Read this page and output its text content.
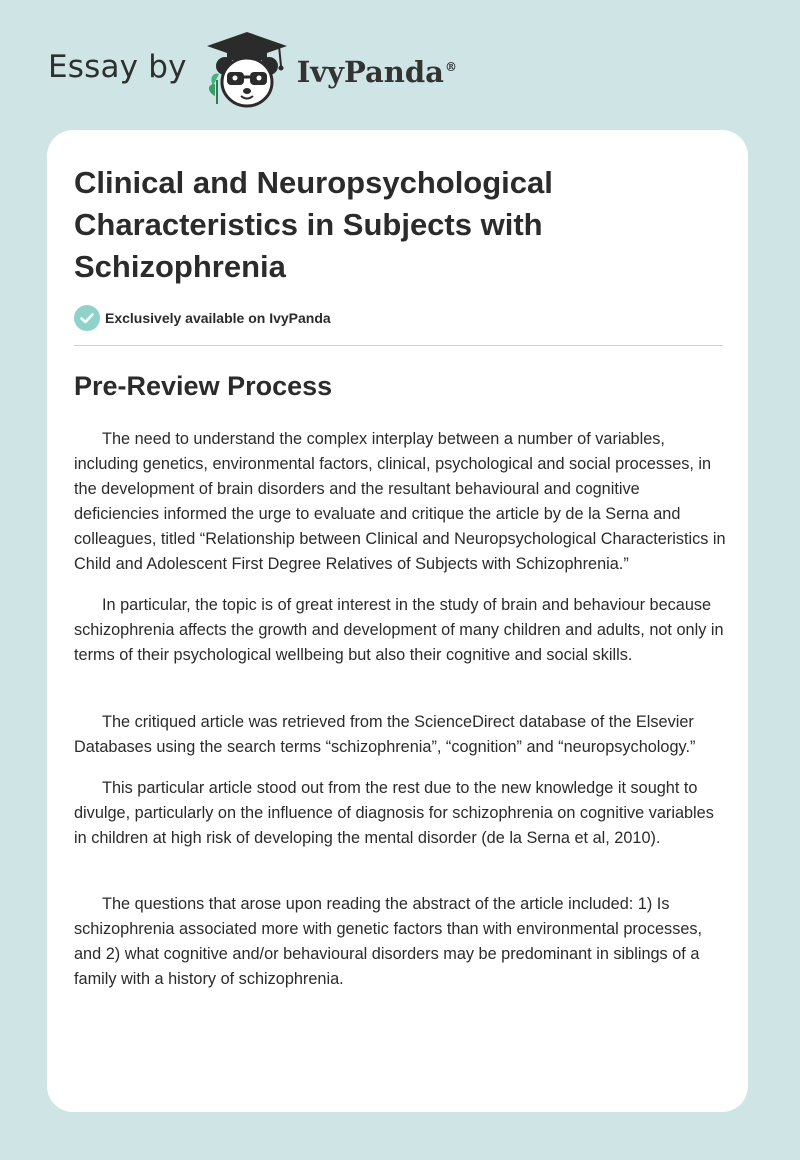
Essay by	IvyPanda®
Clinical and Neuropsychological Characteristics in Subjects with Schizophrenia
Exclusively available on IvyPanda
Pre-Review Process

The need to understand the complex interplay between a number of variables, including genetics, environmental factors, clinical, psychological and social processes, in the development of brain disorders and the resultant behavioural and cognitive deficiencies informed the urge to evaluate and critique the article by de la Serna and colleagues, titled “Relationship between Clinical and Neuropsychological Characteristics in Child and Adolescent First Degree Relatives of Subjects with Schizophrenia.”

In particular, the topic is of great interest in the study of brain and behaviour because schizophrenia affects the growth and development of many children and adults, not only in terms of their psychological wellbeing but also their cognitive and social skills.

The critiqued article was retrieved from the ScienceDirect database of the Elsevier Databases using the search terms “schizophrenia”, “cognition” and “neuropsychology.”

This particular article stood out from the rest due to the new knowledge it sought to divulge, particularly on the influence of diagnosis for schizophrenia on cognitive variables in children at high risk of developing the mental disorder (de la Serna et al, 2010).

The questions that arose upon reading the abstract of the article included: 1) Is schizophrenia associated more with genetic factors than with environmental processes, and 2) what cognitive and/or behavioural disorders may be predominant in siblings of a family with a history of schizophrenia.
